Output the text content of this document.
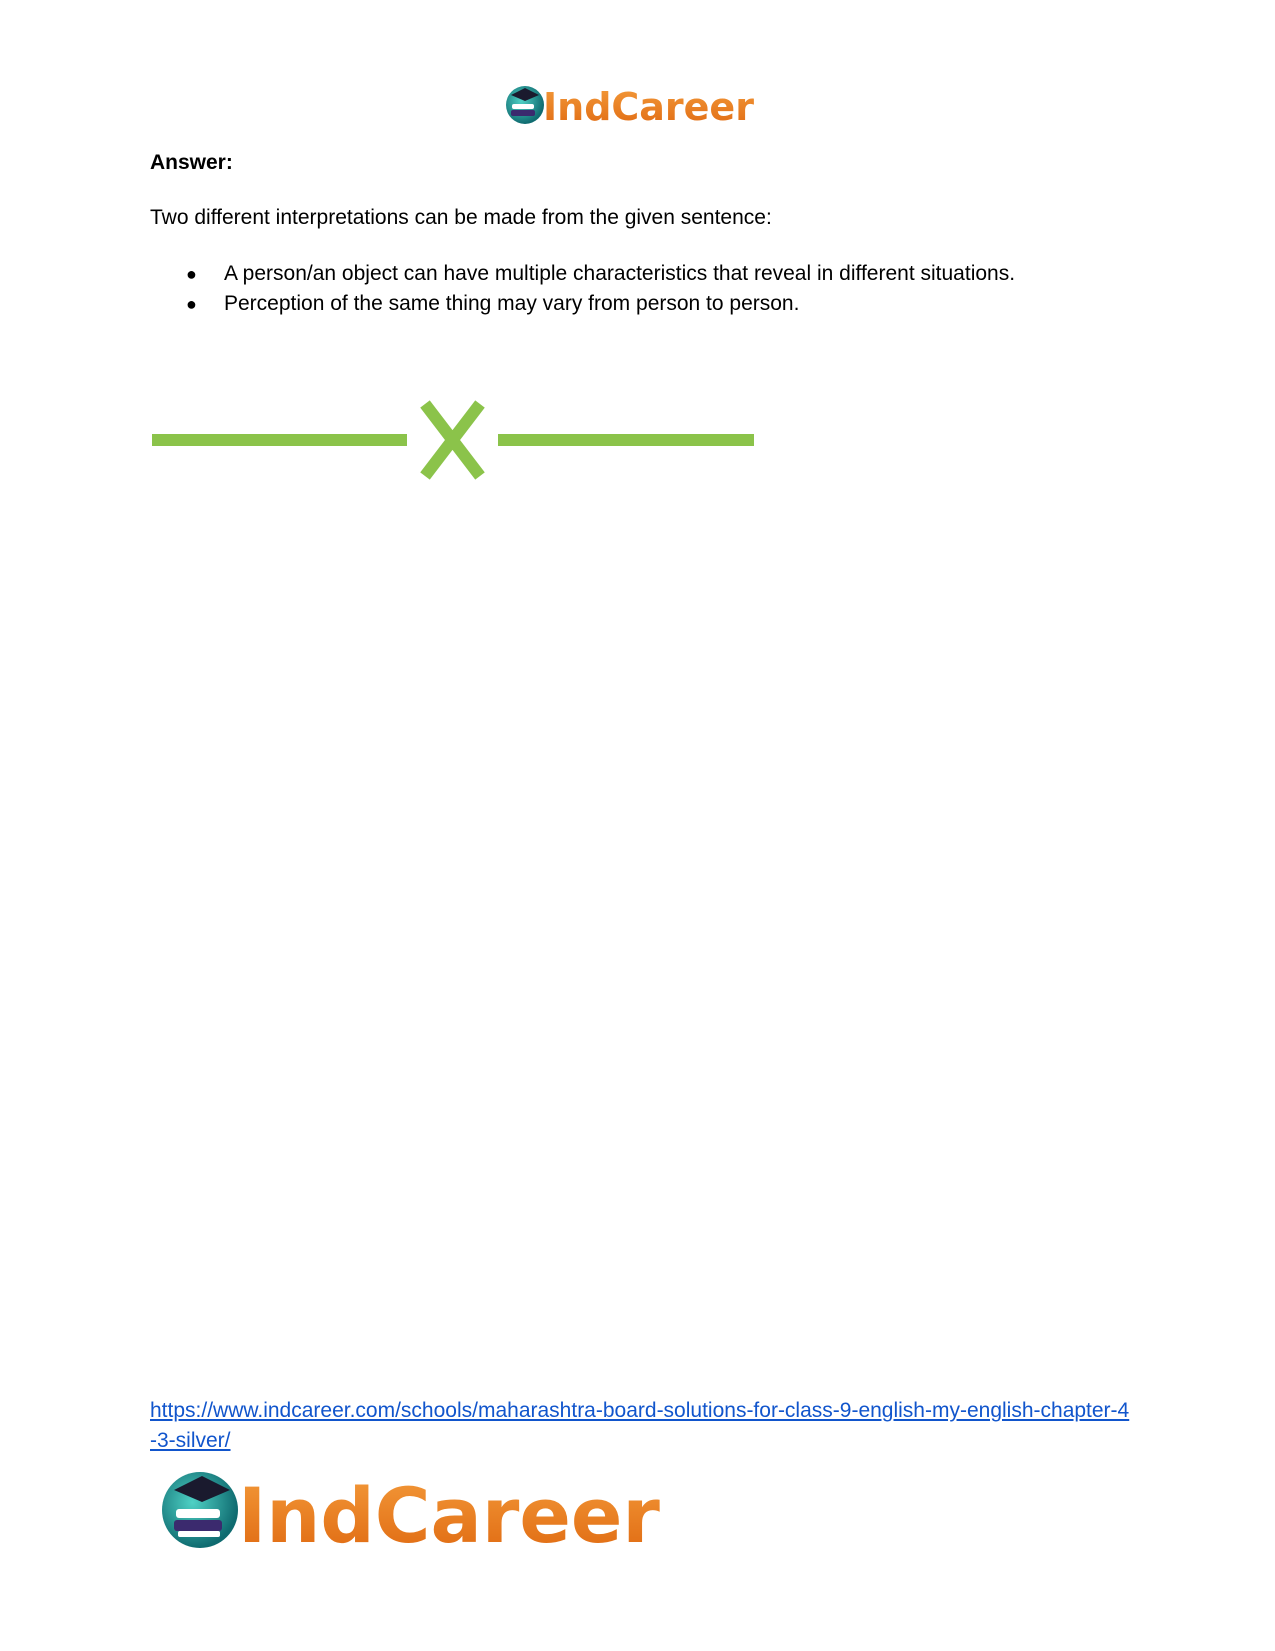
IndCareer
Answer:
Two different interpretations can be made from the given sentence:
● A person/an object can have multiple characteristics that reveal in different situations.
● Perception of the same thing may vary from person to person.
https://www.indcareer.com/schools/maharashtra-board-solutions-for-class-9-english-my-english-chapter-4-3-silver/
IndCareer
